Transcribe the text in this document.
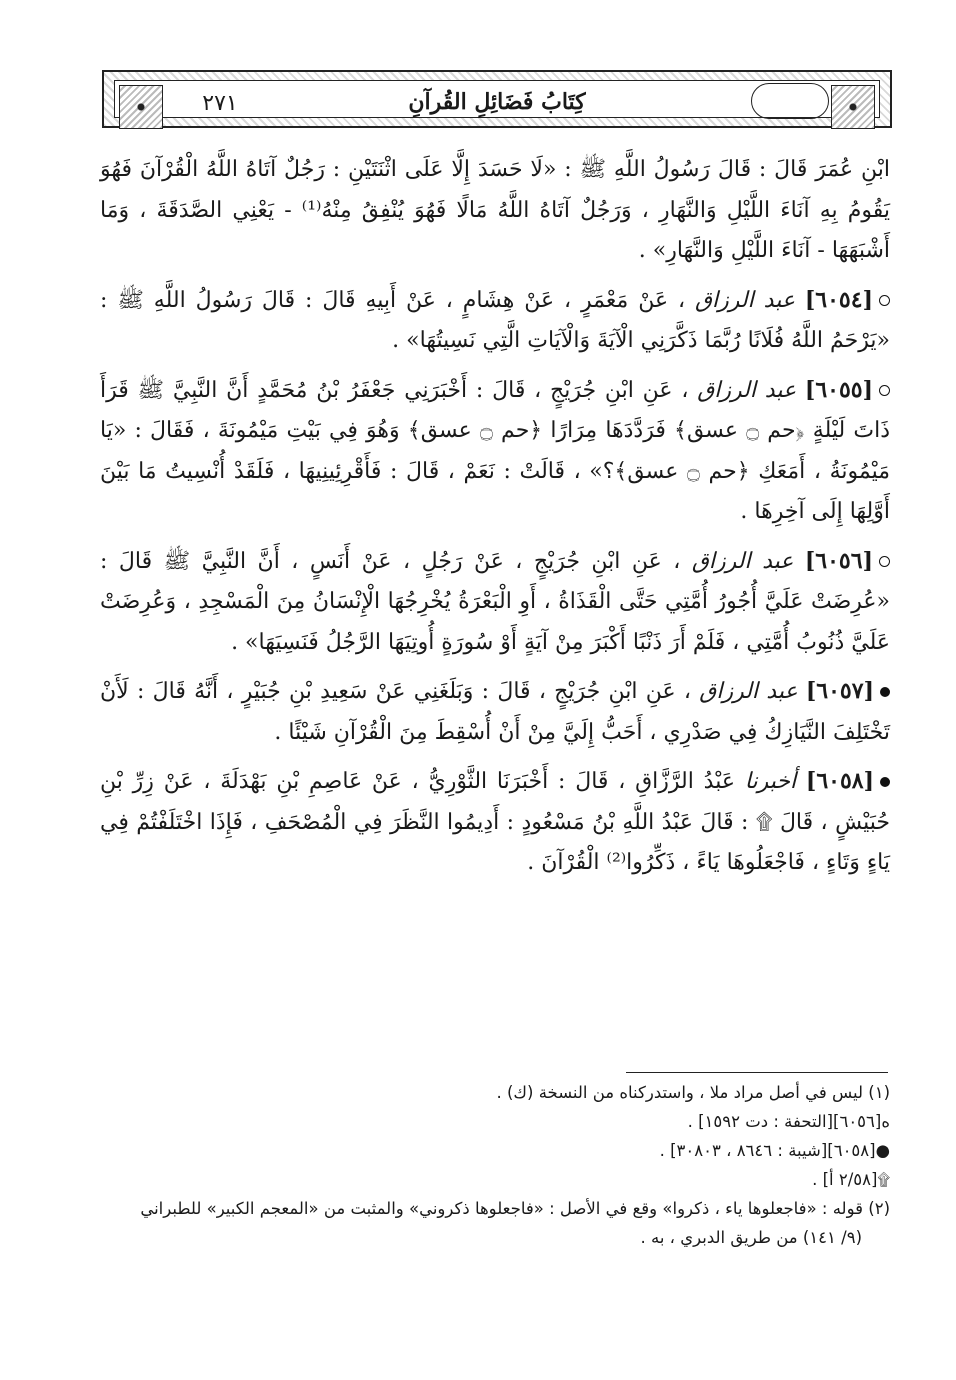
٢٧١	كِتَابُ فَضَائِلِ القُرآنِ

ابْنِ عُمَرَ قَالَ : قَالَ رَسُولُ اللَّهِ ﷺ : «لَا حَسَدَ إِلَّا عَلَى اثْنَتَيْنِ : رَجُلٌ آتَاهُ اللَّهُ الْقُرْآنَ فَهُوَ يَقُومُ بِهِ آنَاءَ اللَّيْلِ وَالنَّهَارِ ، وَرَجُلٌ آتَاهُ اللَّهُ مَالًا فَهُوَ يُنْفِقُ مِنْهُ⁽¹⁾ - يَعْنِي الصَّدَقَةَ ، وَمَا أَشْبَهَهَا - آنَاءَ اللَّيْلِ وَالنَّهَارِ» .

[٦٠٥٤] عبد الرزاق ، عَنْ مَعْمَرٍ ، عَنْ هِشَامٍ ، عَنْ أَبِيهِ قَالَ : قَالَ رَسُولُ اللَّهِ ﷺ : «يَرْحَمُ اللَّهُ فُلَانًا رُبَّمَا ذَكَّرَنِي الْآيَةَ وَالْآيَاتِ الَّتِي نَسِيتُهَا» .

[٦٠٥٥] عبد الرزاق ، عَنِ ابْنِ جُرَيْجٍ ، قَالَ : أَخْبَرَنِي جَعْفَرُ بْنُ مُحَمَّدٍ أَنَّ النَّبِيَّ ﷺ قَرَأَ ذَاتَ لَيْلَةٍ ﴿حم ۝ عسق﴾ فَرَدَّدَهَا مِرَارًا ﴿حم ۝ عسق﴾ وَهُوَ فِي بَيْتِ مَيْمُونَةَ ، فَقَالَ : «يَا مَيْمُونَةُ ، أَمَعَكِ ﴿حم ۝ عسق﴾؟» ، قَالَتْ : نَعَمْ ، قَالَ : فَأَقْرِئِينِيهَا ، فَلَقَدْ أُنْسِيتُ مَا بَيْنَ أَوَّلِهَا إِلَى آخِرِهَا .

[٦٠٥٦] عبد الرزاق ، عَنِ ابْنِ جُرَيْجٍ ، عَنْ رَجُلٍ ، عَنْ أَنَسٍ ، أَنَّ النَّبِيَّ ﷺ قَالَ : «عُرِضَتْ عَلَيَّ أُجُورُ أُمَّتِي حَتَّى الْقَذَاةُ ، أَوِ الْبَعْرَةُ يُخْرِجُهَا الْإِنْسَانُ مِنَ الْمَسْجِدِ ، وَعُرِضَتْ عَلَيَّ ذُنُوبُ أُمَّتِي ، فَلَمْ أَرَ ذَنْبًا أَكْبَرَ مِنْ آيَةٍ أَوْ سُورَةٍ أُوتِيَهَا الرَّجُلُ فَنَسِيَهَا» .

[٦٠٥٧] عبد الرزاق ، عَنِ ابْنِ جُرَيْجٍ ، قَالَ : وَبَلَغَنِي عَنْ سَعِيدِ بْنِ جُبَيْرٍ ، أَنَّهُ قَالَ : لَأَنْ تَخْتَلِفَ النَّيَازِكُ فِي صَدْرِي ، أَحَبُّ إِلَيَّ مِنْ أَنْ أُسْقِطَ مِنَ الْقُرْآنِ شَيْئًا .

[٦٠٥٨] أخبرنا عَبْدُ الرَّزَّاقِ ، قَالَ : أَخْبَرَنَا الثَّوْرِيُّ ، عَنْ عَاصِمِ بْنِ بَهْدَلَةَ ، عَنْ زِرِّ بْنِ حُبَيْشٍ ، قَالَ ۩ : قَالَ عَبْدُ اللَّهِ بْنُ مَسْعُودٍ : أَدِيمُوا النَّظَرَ فِي الْمُصْحَفِ ، فَإِذَا اخْتَلَفْتُمْ فِي يَاءٍ وَتَاءٍ ، فَاجْعَلُوهَا يَاءً ، ذَكِّرُوا⁽²⁾ الْقُرْآنَ .

(١) ليس في أصل مراد ملا ، واستدركناه من النسخة (ك) .

ه[٦٠٥٦][التحفة : دت ١٥٩٢] .

●[٦٠٥٨][شيبة : ٨٦٤٦ ، ٣٠٨٠٣] .

۩[٢/٥٨ أ] .

(٢) قوله : «فاجعلوها ياء ، ذكروا» وقع في الأصل : «فاجعلوها ذكروني» والمثبت من «المعجم الكبير» للطبراني

(٩/ ١٤١) من طريق الدبري ، به .
